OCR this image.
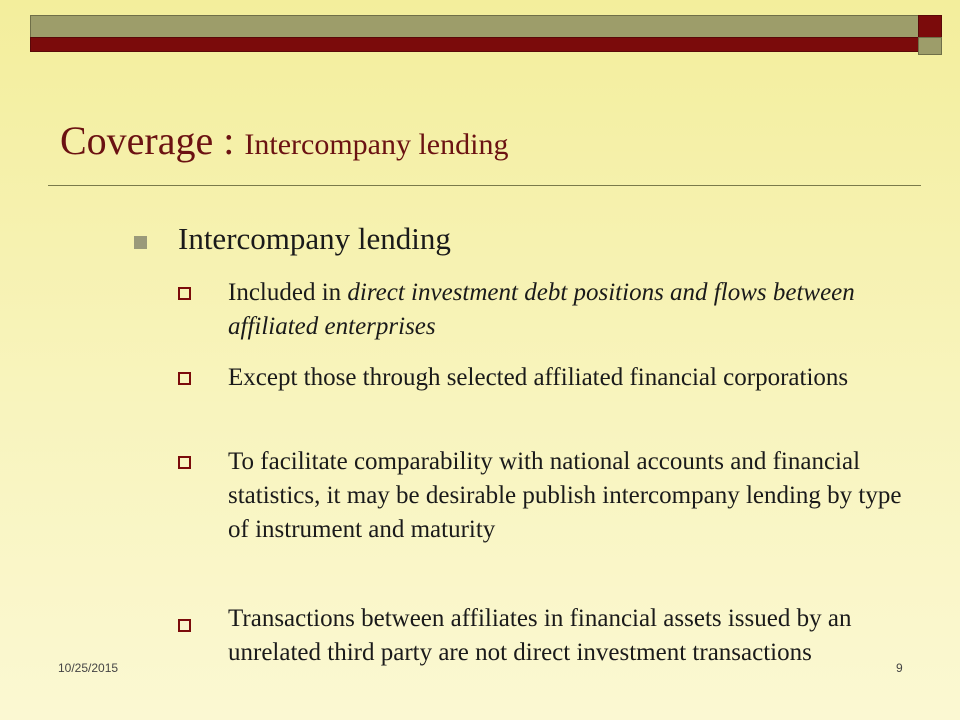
Coverage : Intercompany lending
Intercompany lending
Included in direct investment debt positions and flows between affiliated enterprises
Except those through selected affiliated financial corporations
To facilitate comparability with national accounts and financial statistics, it may be desirable publish intercompany lending by type of instrument and maturity
Transactions between affiliates in financial assets issued by an unrelated third party are not direct investment transactions
10/25/2015	9
